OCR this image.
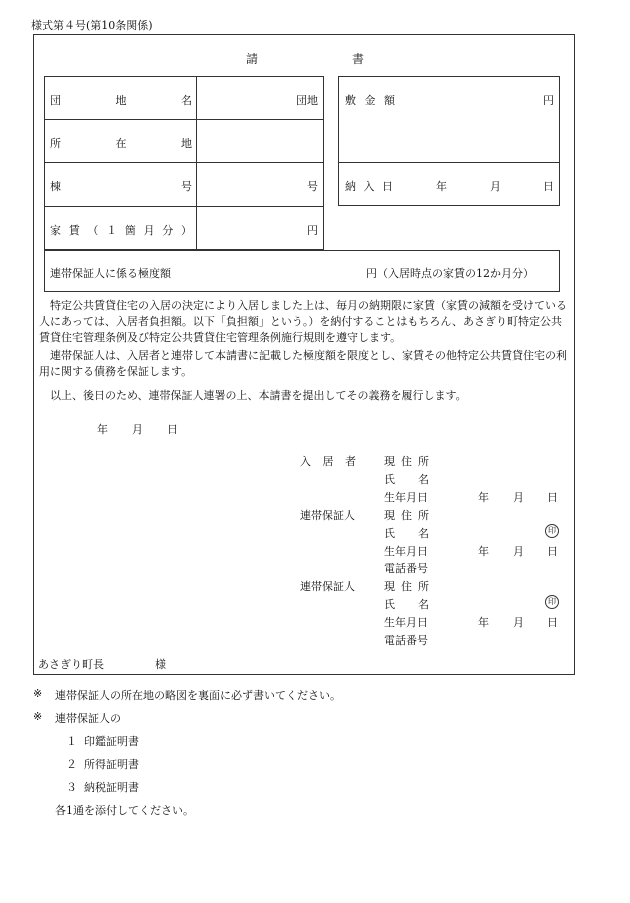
様式第４号(第10条関係)
請	書
団地名	団地
所在地
棟号	号
家賃（１箇月分）	円
敷金額	円
納入日	年	月	日
連帯保証人に係る極度額	円（入居時点の家賃の12か月分）
特定公共賃貸住宅の入居の決定により入居しました上は、毎月の納期限に家賃（家賃の減額を受けている人にあっては、入居者負担額。以下「負担額」という。）を納付することはもちろん、あさぎり町特定公共賃貸住宅管理条例及び特定公共賃貸住宅管理条例施行規則を遵守します。
連帯保証人は、入居者と連帯して本請書に記載した極度額を限度とし、家賃その他特定公共賃貸住宅の利用に関する債務を保証します。
以上、後日のため、連帯保証人連署の上、本請書を提出してその義務を履行します。
年 月 日
入居者	現住所
氏名
生年月日	年 月 日
連帯保証人	現住所
氏名	印
生年月日	年 月 日
電話番号
連帯保証人	現住所
氏名	印
生年月日	年 月 日
電話番号
あさぎり町長	様
※ 連帯保証人の所在地の略図を裏面に必ず書いてください。
※ 連帯保証人の
１ 印鑑証明書
２ 所得証明書
３ 納税証明書
各1通を添付してください。
